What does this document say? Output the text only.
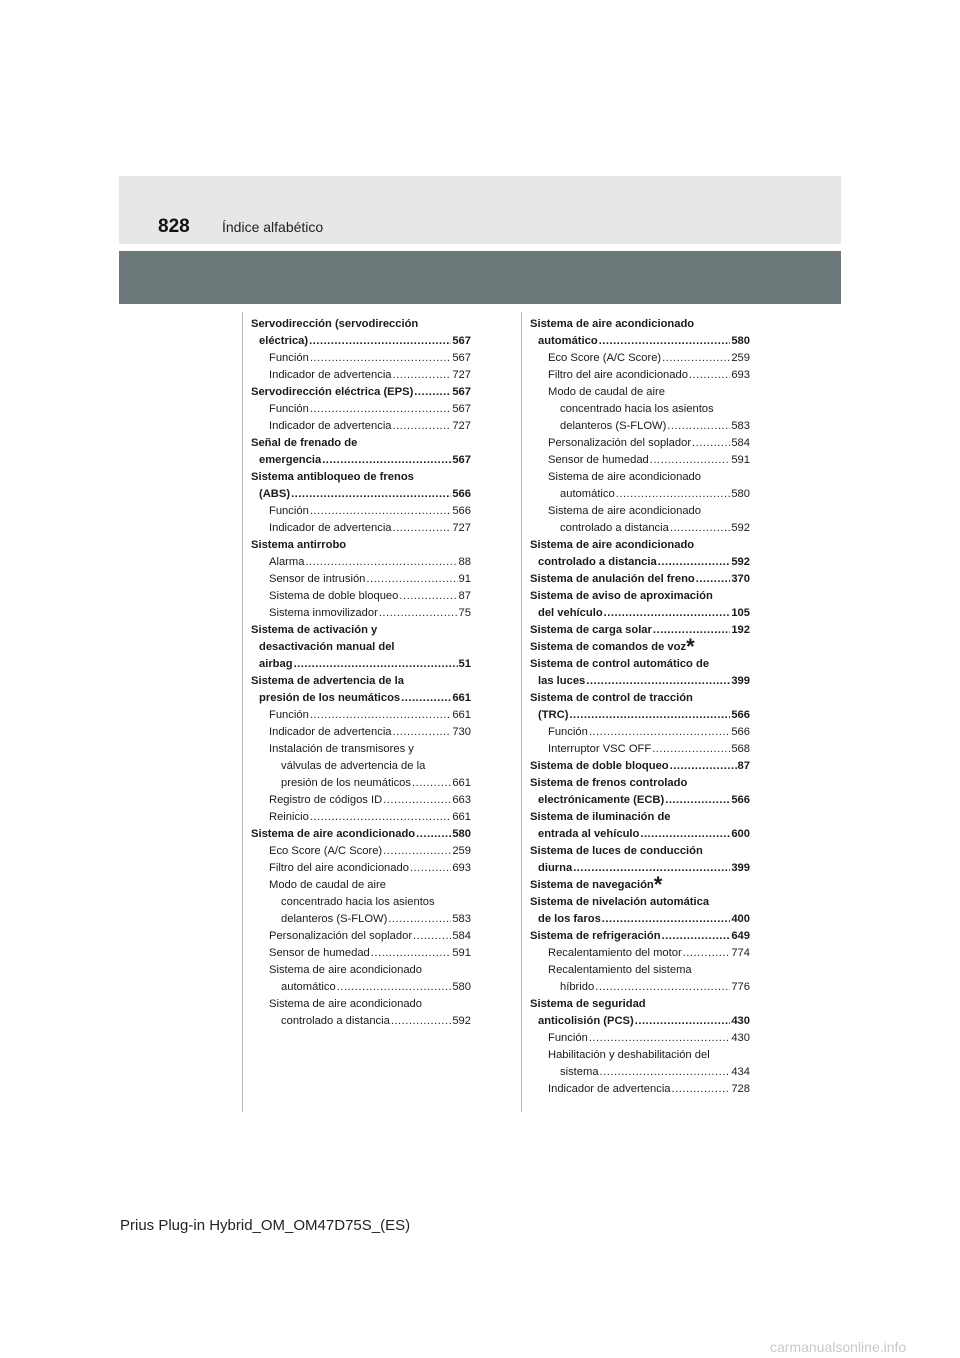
828 Índice alfabético
Servodirección (servodirección
eléctrica) .....	567
Función .....	567
Indicador de advertencia .....	727
Servodirección eléctrica (EPS) .....	567
Función .....	567
Indicador de advertencia .....	727
Señal de frenado de
emergencia .....	567
Sistema antibloqueo de frenos
(ABS) .....	566
Función .....	566
Indicador de advertencia .....	727
Sistema antirrobo
Alarma .....	88
Sensor de intrusión .....	91
Sistema de doble bloqueo .....	87
Sistema inmovilizador .....	75
Sistema de activación y
desactivación manual del
airbag .....	51
Sistema de advertencia de la
presión de los neumáticos .....	661
Función .....	661
Indicador de advertencia .....	730
Instalación de transmisores y
válvulas de advertencia de la
presión de los neumáticos .....	661
Registro de códigos ID .....	663
Reinicio .....	661
Sistema de aire acondicionado .....	580
Eco Score (A/C Score) .....	259
Filtro del aire acondicionado .....	693
Modo de caudal de aire
concentrado hacia los asientos
delanteros (S-FLOW) .....	583
Personalización del soplador .....	584
Sensor de humedad .....	591
Sistema de aire acondicionado
automático .....	580
Sistema de aire acondicionado
controlado a distancia .....	592
Sistema de aire acondicionado
automático .....	580
Eco Score (A/C Score) .....	259
Filtro del aire acondicionado .....	693
Modo de caudal de aire
concentrado hacia los asientos
delanteros (S-FLOW) .....	583
Personalización del soplador .....	584
Sensor de humedad .....	591
Sistema de aire acondicionado
automático .....	580
Sistema de aire acondicionado
controlado a distancia .....	592
Sistema de aire acondicionado
controlado a distancia .....	592
Sistema de anulación del freno .....	370
Sistema de aviso de aproximación
del vehículo .....	105
Sistema de carga solar .....	192
Sistema de comandos de voz*
Sistema de control automático de
las luces .....	399
Sistema de control de tracción
(TRC) .....	566
Función .....	566
Interruptor VSC OFF .....	568
Sistema de doble bloqueo .....	87
Sistema de frenos controlado
electrónicamente (ECB) .....	566
Sistema de iluminación de
entrada al vehículo .....	600
Sistema de luces de conducción
diurna .....	399
Sistema de navegación*
Sistema de nivelación automática
de los faros .....	400
Sistema de refrigeración .....	649
Recalentamiento del motor .....	774
Recalentamiento del sistema
híbrido .....	776
Sistema de seguridad
anticolisión (PCS) .....	430
Función .....	430
Habilitación y deshabilitación del
sistema .....	434
Indicador de advertencia .....	728
Prius Plug-in Hybrid_OM_OM47D75S_(ES)
carmanualsonline.info
